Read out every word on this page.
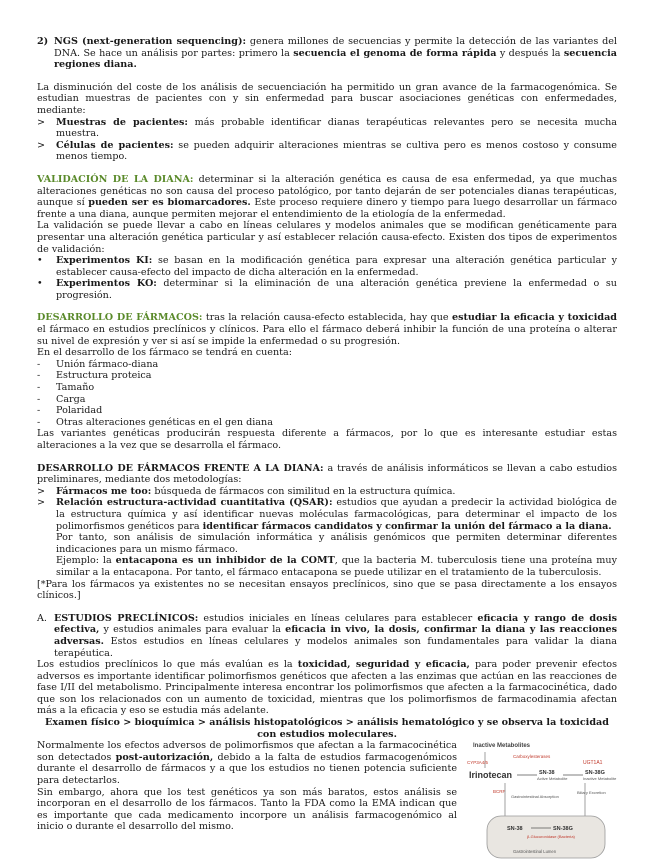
2) NGS (next-generation sequencing): genera millones de secuencias y permite la detección de las variantes del DNA. Se hace un análisis por partes: primero la secuencia el genoma de forma rápida y después la secuencia regiones diana.

La disminución del coste de los análisis de secuenciación ha permitido un gran avance de la farmacogenómica. Se estudian muestras de pacientes con y sin enfermedad para buscar asociaciones genéticas con enfermedades, mediante:

>	Muestras de pacientes: más probable identificar dianas terapéuticas relevantes pero se necesita mucha muestra.
>	Células de pacientes: se pueden adquirir alteraciones mientras se cultiva pero es menos costoso y consume menos tiempo.

VALIDACIÓN DE LA DIANA: determinar si la alteración genética es causa de esa enfermedad, ya que muchas alteraciones genéticas no son causa del proceso patológico, por tanto dejarán de ser potenciales dianas terapéuticas, aunque sí pueden ser es biomarcadores. Este proceso requiere dinero y tiempo para luego desarrollar un fármaco frente a una diana, aunque permiten mejorar el entendimiento de la etiología de la enfermedad.

La validación se puede llevar a cabo en líneas celulares y modelos animales que se modifican genéticamente para presentar una alteración genética particular y así establecer relación causa-efecto. Existen dos tipos de experimentos de validación:

•	Experimentos KI: se basan en la modificación genética para expresar una alteración genética particular y establecer causa-efecto del impacto de dicha alteración en la enfermedad.
•	Experimentos KO: determinar si la eliminación de una alteración genética previene la enfermedad o su progresión.

DESARROLLO DE FÁRMACOS: tras la relación causa-efecto establecida, hay que estudiar la eficacia y toxicidad el fármaco en estudios preclínicos y clínicos. Para ello el fármaco deberá inhibir la función de una proteína o alterar su nivel de expresión y ver si así se impide la enfermedad o su progresión.

En el desarrollo de los fármaco se tendrá en cuenta:

-	Unión fármaco-diana
-	Estructura proteica
-	Tamaño
-	Carga
-	Polaridad
-	Otras alteraciones genéticas en el gen diana

Las variantes genéticas producirán respuesta diferente a fármacos, por lo que es interesante estudiar estas alteraciones a la vez que se desarrolla el fármaco.

DESARROLLO DE FÁRMACOS FRENTE A LA DIANA: a través de análisis informáticos se llevan a cabo estudios preliminares, mediante dos metodologías:

>	Fármacos me too: búsqueda de fármacos con similitud en la estructura química.
>	Relación estructura-actividad cuantitativa (QSAR): estudios que ayudan a predecir la actividad biológica de la estructura química y así identificar nuevas moléculas farmacológicas, para determinar el impacto de los polimorfismos genéticos para identificar fármacos candidatos y confirmar la unión del fármaco a la diana.

Por tanto, son análisis de simulación informática y análisis genómicos que permiten determinar diferentes indicaciones para un mismo fármaco.

Ejemplo: la entacapona es un inhibidor de la COMT, que la bacteria M. tuberculosis tiene una proteína muy similar a la entacapona. Por tanto, el fármaco entacapona se puede utilizar en el tratamiento de la tuberculosis.

[*Para los fármacos ya existentes no se necesitan ensayos preclínicos, sino que se pasa directamente a los ensayos clínicos.]

A. ESTUDIOS PRECLÍNICOS: estudios iniciales en líneas celulares para establecer eficacia y rango de dosis efectiva, y estudios animales para evaluar la eficacia in vivo, la dosis, confirmar la diana y las reacciones adversas. Estos estudios en líneas celulares y modelos animales son fundamentales para validar la diana terapéutica.

Los estudios preclínicos lo que más evalúan es la toxicidad, seguridad y eficacia, para poder prevenir efectos adversos es importante identificar polimorfismos genéticos que afecten a las enzimas que actúan en las reacciones de fase I/II del metabolismo. Principalmente interesa encontrar los polimorfismos que afecten a la farmacocinética, dado que son los relacionados con un aumento de toxicidad, mientras que los polimorfismos de farmacodinamia afectan más a la eficacia y eso se estudia más adelante.

Examen físico > bioquímica > análisis histopatológicos > análisis hematológico y se observa la toxicidad con estudios moleculares.

Normalmente los efectos adversos de polimorfismos que afectan a la farmacocinética son detectados post-autorización, debido a la falta de estudios farmacogenómicos durante el desarrollo de fármacos y a que los estudios no tienen potencia suficiente para detectarlos.

Sin embargo, ahora que los test genéticos ya son más baratos, estos análisis se incorporan en el desarrollo de los fármacos. Tanto la FDA como la EMA indican que es importante que cada medicamento incorpore un análisis farmacogenómico al inicio o durante el desarrollo del mismo.

Inactive Metabolites
CYP3A4/5
Carboxylesterases
UGT1A1
Irinotecan	SN-38
Active Metabolite
SN-38G
Inactive Metabolite
BCRP
Gastrointestinal Absorption
Biliary Excretion
SN-38	SN-38G
β-Glucuronidase (Bacteria)
Gastrointestinal Lumen
